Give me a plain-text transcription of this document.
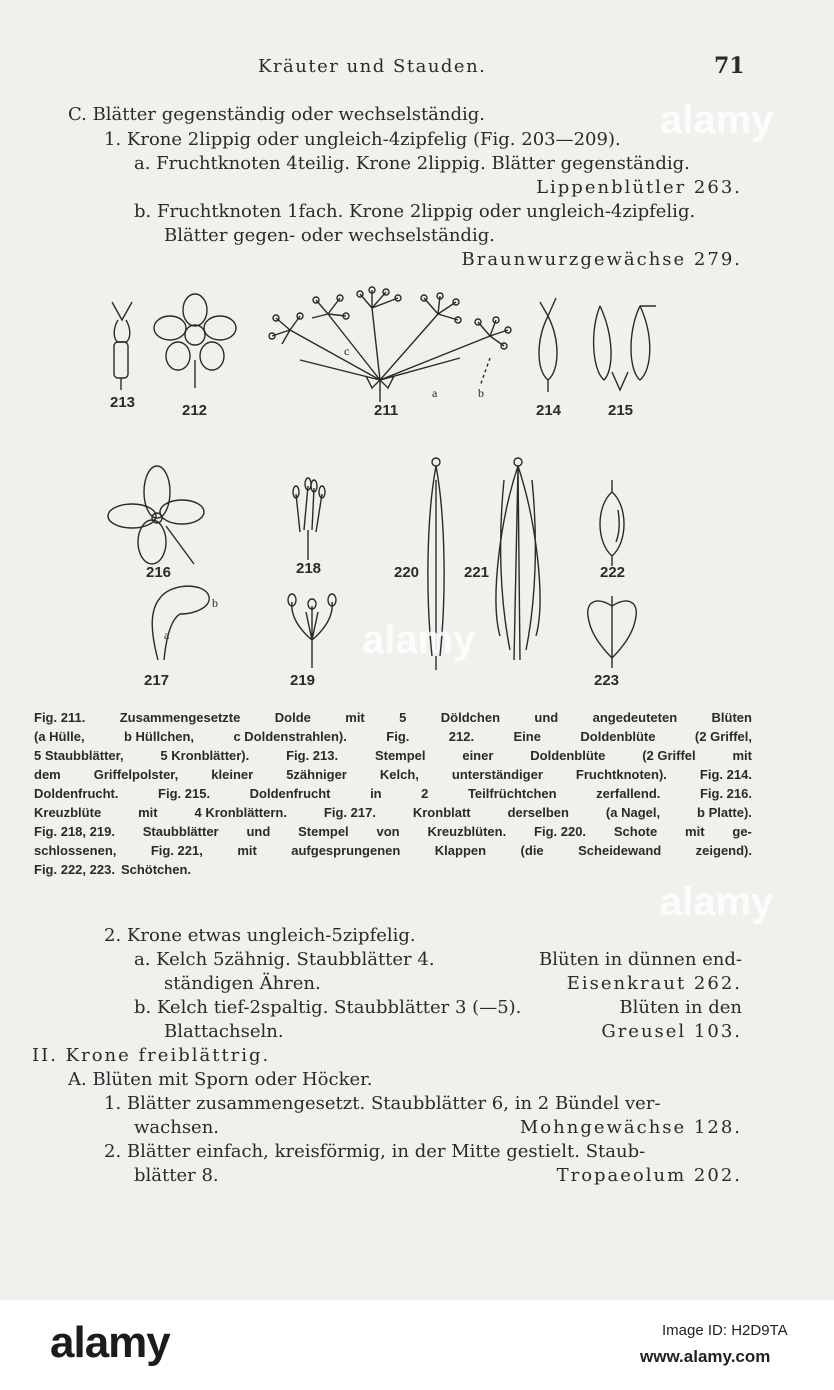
Kräuter und Stauden.	71
C. Blätter gegenständig oder wechselständig.
1. Krone 2lippig oder ungleich-4zipfelig (Fig. 203—209).
a. Fruchtknoten 4teilig. Krone 2lippig. Blätter gegenständig.
Lippenblütler 263.
b. Fruchtknoten 1fach. Krone 2lippig oder ungleich-4zipfelig.
Blätter gegen- oder wechselständig.
Braunwurzgewächse 279.
213	212	211	214	215
216	218	220	221	222
217	219	223
a	b
c
a
b
Fig. 211.	Zusammengesetzte	Dolde	mit	5	Döldchen	und	angedeuteten	Blüten
(a Hülle,	b Hüllchen,	c Doldenstrahlen).	Fig.	212.	Eine	Doldenblüte	(2 Griffel,
5 Staubblätter,	5 Kronblätter).	Fig. 213.	Stempel	einer	Doldenblüte	(2 Griffel	mit
dem	Griffelpolster,	kleiner	5zähniger	Kelch,	unterständiger	Fruchtknoten).	Fig. 214.
Doldenfrucht.	Fig. 215.	Doldenfrucht	in	2	Teilfrüchtchen	zerfallend.	Fig. 216.
Kreuzblüte	mit	4 Kronblättern.	Fig. 217.	Kronblatt	derselben	(a Nagel,	b Platte).
Fig. 218, 219. Staubblätter und Stempel von Kreuzblüten. Fig. 220. Schote mit ge-
schlossenen,	Fig. 221,	mit	aufgesprungenen	Klappen	(die	Scheidewand	zeigend).
Fig. 222, 223. Schötchen.
2. Krone etwas ungleich-5zipfelig.
a. Kelch 5zähnig. Staubblätter 4.	Blüten in dünnen end-
ständigen Ähren.	Eisenkraut 262.
b. Kelch tief-2spaltig. Staubblätter 3 (—5).	Blüten in den
Blattachseln.	Greusel 103.
II. Krone freiblättrig.
A. Blüten mit Sporn oder Höcker.
1. Blätter zusammengesetzt. Staubblätter 6, in 2 Bündel ver-
wachsen.	Mohngewächse 128.
2. Blätter einfach, kreisförmig, in der Mitte gestielt. Staub-
blätter 8.	Tropaeolum 202.
alamy
alamy
alamy
alamy	Image ID: H2D9TA
www.alamy.com
